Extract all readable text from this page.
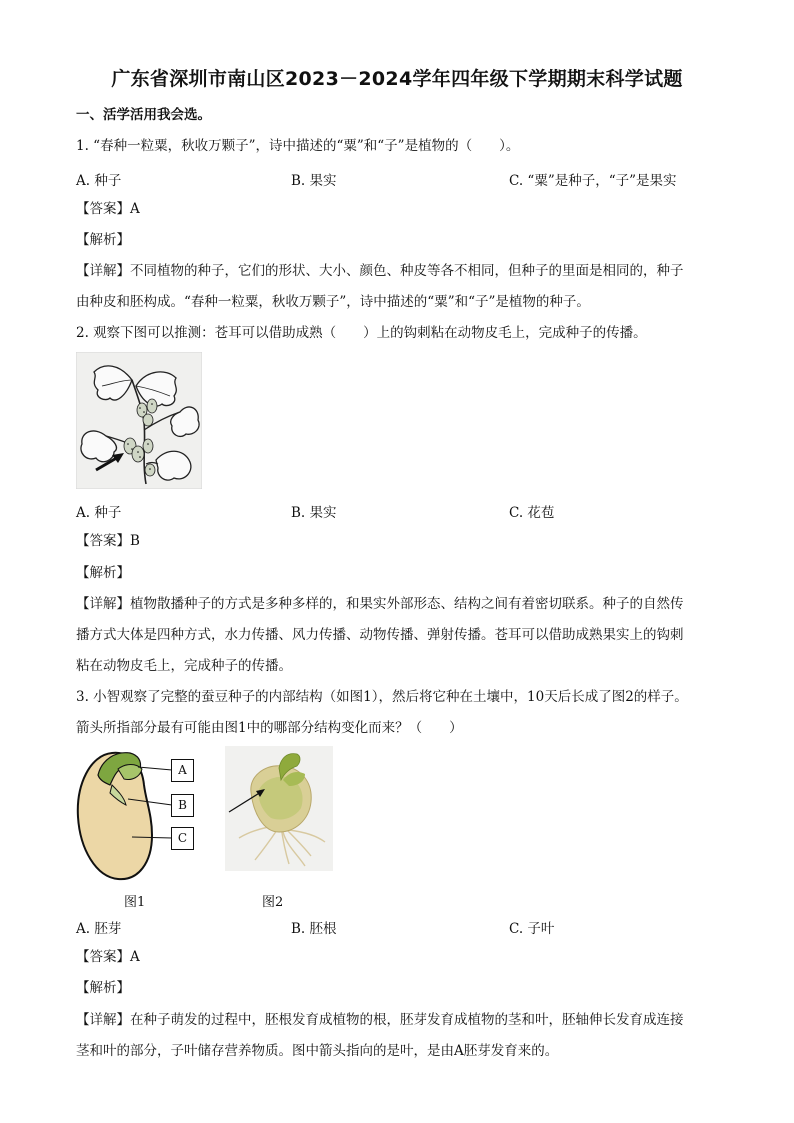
广东省深圳市南山区2023－2024学年四年级下学期期末科学试题
一、活学活用我会选。
1. “春种一粒粟，秋收万颗子”，诗中描述的“粟”和“子”是植物的（　　）。
A. 种子	B. 果实	C. “粟”是种子，“子”是果实
【答案】A
【解析】
【详解】不同植物的种子，它们的形状、大小、颜色、种皮等各不相同，但种子的里面是相同的，种子
由种皮和胚构成。“春种一粒粟，秋收万颗子”，诗中描述的“粟”和“子”是植物的种子。
2. 观察下图可以推测：苍耳可以借助成熟（　　）上的钩刺粘在动物皮毛上，完成种子的传播。
A. 种子	B. 果实	C. 花苞
【答案】B
【解析】
【详解】植物散播种子的方式是多种多样的，和果实外部形态、结构之间有着密切联系。种子的自然传
播方式大体是四种方式，水力传播、风力传播、动物传播、弹射传播。苍耳可以借助成熟果实上的钩刺
粘在动物皮毛上，完成种子的传播。
3. 小智观察了完整的蚕豆种子的内部结构（如图1），然后将它种在土壤中，10天后长成了图2的样子。
箭头所指部分最有可能由图1中的哪部分结构变化而来？（　　）
A
B
C
图1	图2
A. 胚芽	B. 胚根	C. 子叶
【答案】A
【解析】
【详解】在种子萌发的过程中，胚根发育成植物的根，胚芽发育成植物的茎和叶，胚轴伸长发育成连接
茎和叶的部分，子叶储存营养物质。图中箭头指向的是叶，是由A胚芽发育来的。
